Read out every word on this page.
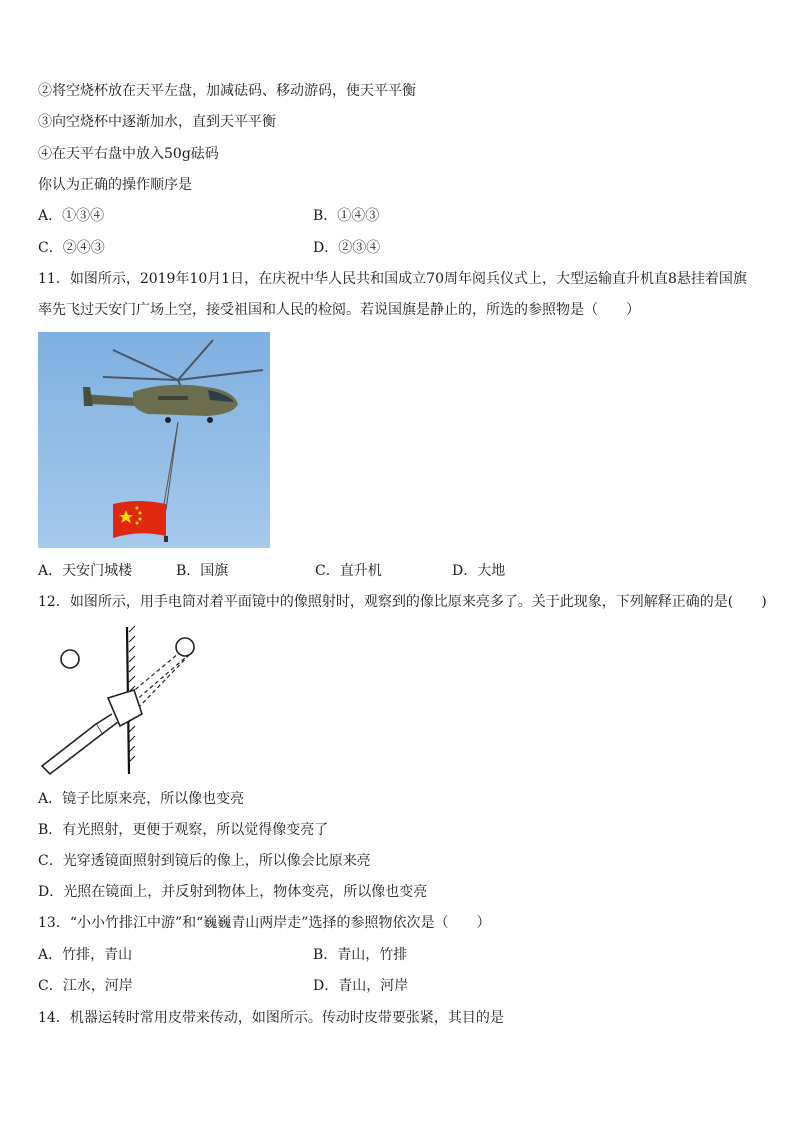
②将空烧杯放在天平左盘，加减砝码、移动游码，使天平平衡
③向空烧杯中逐渐加水，直到天平平衡
④在天平右盘中放入50g砝码
你认为正确的操作顺序是
A．①③④	B．①④③
C．②④③	D．②③④
11．如图所示，2019年10月1日，在庆祝中华人民共和国成立70周年阅兵仪式上，大型运输直升机直8悬挂着国旗
率先飞过天安门广场上空，接受祖国和人民的检阅。若说国旗是静止的，所选的参照物是（　　）
A．天安门城楼	B．国旗	C．直升机	D．大地
12．如图所示，用手电筒对着平面镜中的像照射时，观察到的像比原来亮多了。关于此现象，下列解释正确的是(　　)
A．镜子比原来亮，所以像也变亮
B．有光照射，更便于观察，所以觉得像变亮了
C．光穿透镜面照射到镜后的像上，所以像会比原来亮
D．光照在镜面上，并反射到物体上，物体变亮，所以像也变亮
13．“小小竹排江中游”和“巍巍青山两岸走”选择的参照物依次是（　　）
A．竹排，青山	B．青山，竹排
C．江水，河岸	D．青山，河岸
14．机器运转时常用皮带来传动，如图所示。传动时皮带要张紧，其目的是
